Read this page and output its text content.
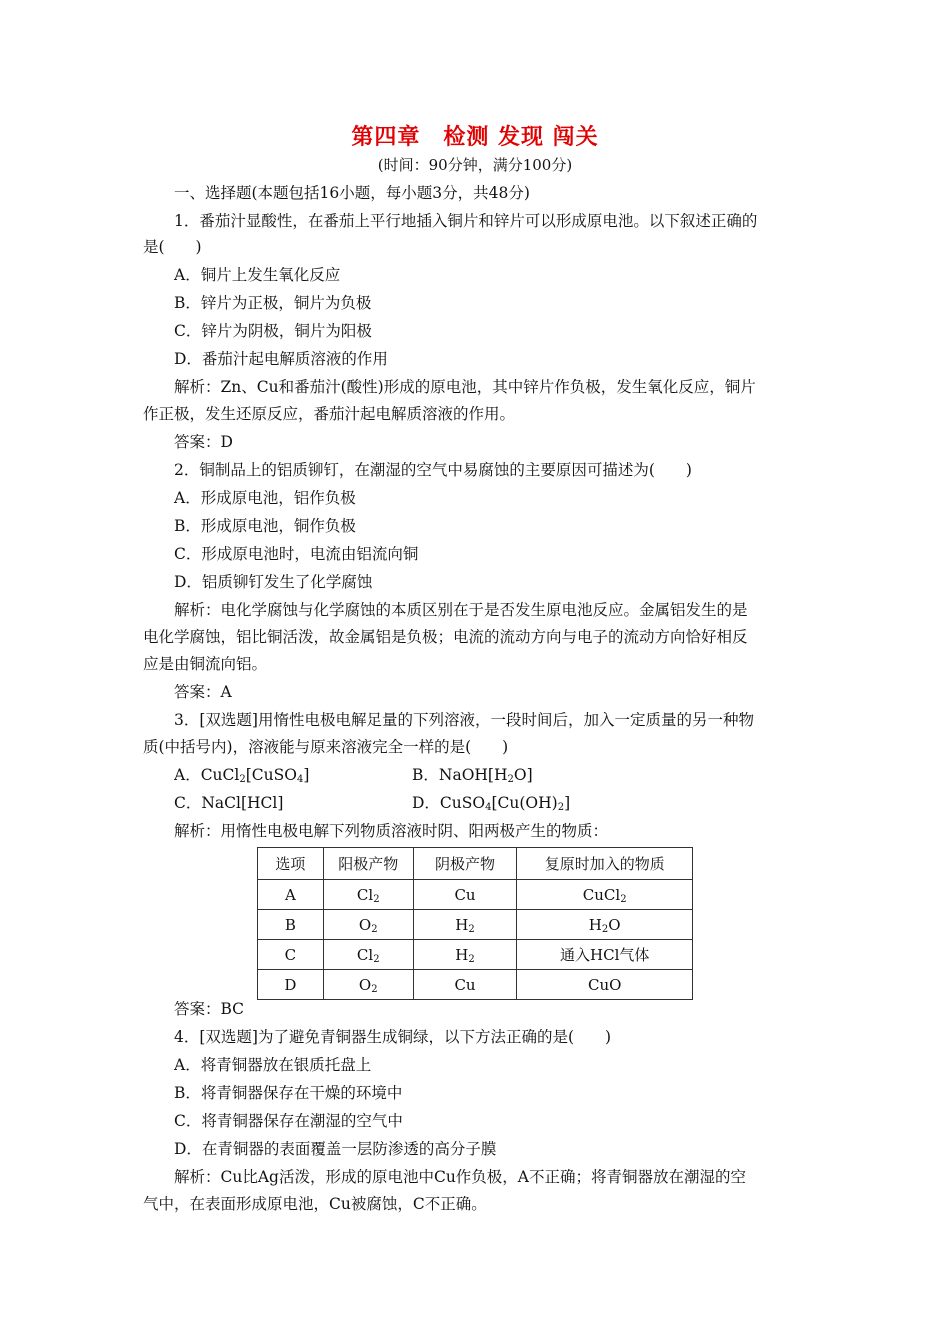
第四章　检测 发现 闯关
(时间：90分钟，满分100分)
一、选择题(本题包括16小题，每小题3分，共48分)
1．番茄汁显酸性，在番茄上平行地插入铜片和锌片可以形成原电池。以下叙述正确的
是(　　)
A．铜片上发生氧化反应
B．锌片为正极，铜片为负极
C．锌片为阴极，铜片为阳极
D．番茄汁起电解质溶液的作用
解析：Zn、Cu和番茄汁(酸性)形成的原电池，其中锌片作负极，发生氧化反应，铜片
作正极，发生还原反应，番茄汁起电解质溶液的作用。
答案：D
2．铜制品上的铝质铆钉，在潮湿的空气中易腐蚀的主要原因可描述为(　　)
A．形成原电池，铝作负极
B．形成原电池，铜作负极
C．形成原电池时，电流由铝流向铜
D．铝质铆钉发生了化学腐蚀
解析：电化学腐蚀与化学腐蚀的本质区别在于是否发生原电池反应。金属铝发生的是
电化学腐蚀，铝比铜活泼，故金属铝是负极；电流的流动方向与电子的流动方向恰好相反
应是由铜流向铝。
答案：A
3．[双选题]用惰性电极电解足量的下列溶液，一段时间后，加入一定质量的另一种物
质(中括号内)，溶液能与原来溶液完全一样的是(　　)
A．CuCl$_2$[CuSO$_4$]	B．$NaOH[H_2O]$
C．NaCl[HCl]	D．$CuSO_4[Cu(OH)_2]$
解析：用惰性电极电解下列物质溶液时阴、阳两极产生的物质：
选项	阳极产物	阴极产物	复原时加入的物质
A	$Cl_2$	Cu	CuCl$_2$
B	$O_2$	$H_2$	$H_2O$
C	$Cl_2$	$H_2$	通入HCl气体
D	$O_2$	Cu	CuO
答案：BC
4．[双选题]为了避免青铜器生成铜绿，以下方法正确的是(　　)
A．将青铜器放在银质托盘上
B．将青铜器保存在干燥的环境中
C．将青铜器保存在潮湿的空气中
D．在青铜器的表面覆盖一层防渗透的高分子膜
解析：Cu比Ag活泼，形成的原电池中Cu作负极，A不正确；将青铜器放在潮湿的空
气中，在表面形成原电池，Cu被腐蚀，C不正确。
